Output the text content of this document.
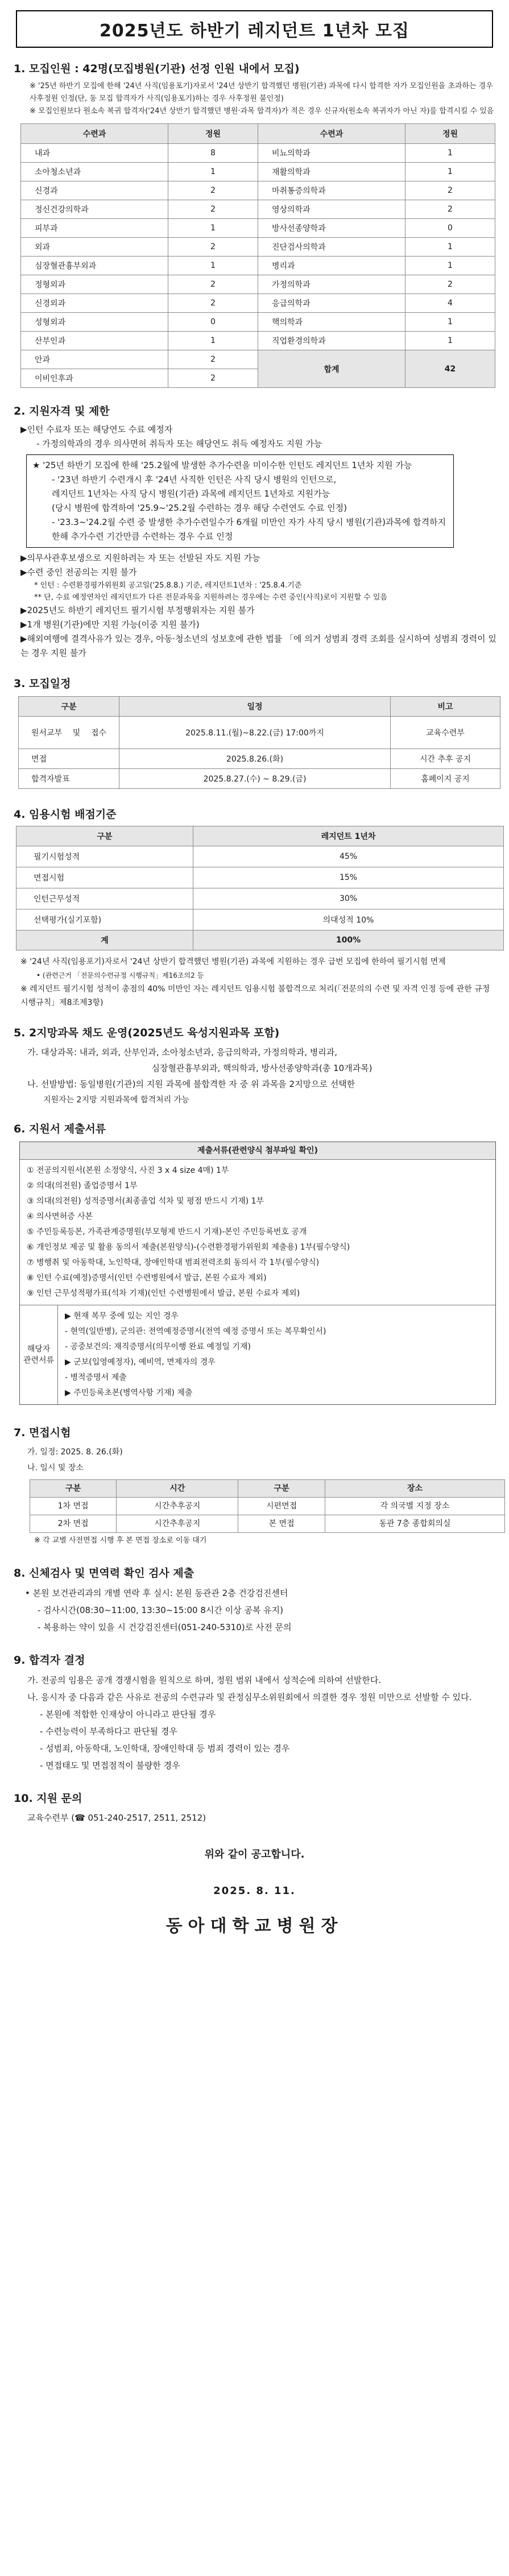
2025년도 하반기 레지던트 1년차 모집
1. 모집인원 : 42명(모집병원(기관) 선정 인원 내에서 모집)

※ '25년 하반기 모집에 한해 '24년 사직(임용포기)자로서 '24년 상반기 합격했던 병원(기관) 과목에 다시 합격한 자가 모집인원을 초과하는 경우 사후정원 인정(단, 동 모집 합격자가 사직(임용포기)하는 경우 사후정원 불인정)

※ 모집인원보다 원소속 복귀 합격자('24년 상반기 합격했던 병원·과목 합격자)가 적은 경우 신규자(원소속 복귀자가 아닌 자)를 합격시킬 수 있음

수련과	정원	수련과	정원
내과	8	비뇨의학과	1
소아청소년과	1	재활의학과	1
신경과	2	마취통증의학과	2
정신건강의학과	2	영상의학과	2
피부과	1	방사선종양학과	0
외과	2	진단검사의학과	1
심장혈관흉부외과	1	병리과	1
정형외과	2	가정의학과	2
신경외과	2	응급의학과	4
성형외과	0	핵의학과	1
산부인과	1	직업환경의학과	1
안과	2	합계	42
이비인후과	2		
2. 지원자격 및 제한

▶인턴 수료자 또는 해당연도 수료 예정자

- 가정의학과의 경우 의사면허 취득자 또는 해당연도 취득 예정자도 지원 가능

★ '25년 하반기 모집에 한해 '25.2월에 발생한 추가수련을 미이수한 인턴도 레지던트 1년차 지원 가능

- '23년 하반기 수련개시 후 '24년 사직한 인턴은 사직 당시 병원의 인턴으로,

레지던트 1년차는 사직 당시 병원(기관) 과목에 레지던트 1년차로 지원가능

(당시 병원에 합격하여 '25.9~'25.2월 수련하는 경우 해당 수련연도 수료 인정)

- '23.3~'24.2월 수련 중 발생한 추가수련일수가 6개월 미만인 자가 사직 당시 병원(기관)과목에 합격하지 한해 추가수련 기간만큼 수련하는 경우 수료 인정

▶의무사관후보생으로 지원하려는 자 또는 선발된 자도 지원 가능

▶수련 중인 전공의는 지원 불가

* 인턴 : 수련환경평가위원회 공고일('25.8.8.) 기준, 레지던트1년차 : '25.8.4.기준

** 단, 수료 예정연차인 레지던트가 다른 전문과목을 지원하려는 경우에는 수련 중인(사직)로이 지원할 수 있음

▶2025년도 하반기 레지던트 필기시험 부정행위자는 지원 불가

▶1개 병원(기관)에만 지원 가능(이중 지원 불가)

▶해외여행에 결격사유가 있는 경우, 아동·청소년의 성보호에 관한 법률 「에 의거 성범죄 경력 조회를 실시하여 성범죄 경력이 있는 경우 지원 불가

3. 모집일정
구분	일정	비고
원서교부 및 접수	2025.8.11.(월)~8.22.(금) 17:00까지	교육수련부
면접	2025.8.26.(화)	시간 추후 공지
합격자발표	2025.8.27.(수) ~ 8.29.(금)	홈페이지 공지
4. 임용시험 배점기준
구분	레지던트 1년차
필기시험성적	45%
면접시험	15%
인턴근무성적	30%
선택평가(실기포함)	의대성적 10%
계	100%

※ '24년 사직(임용포기)자로서 '24년 상반기 합격했던 병원(기관) 과목에 지원하는 경우 급번 모집에 한하여 필기시험 면제

• (관련근거 「전문의수련규정 시행규칙」제16조의2 등

※ 레지던트 필기시험 성적이 총점의 40% 미만인 자는 레지던트 임용시험 불합격으로 처리(「전문의의 수련 및 자격 인정 등에 관한 규정 시행규칙」제8조제3항)

5. 2지망과목 채도 운영(2025년도 육성지원과목 포함)

가. 대상과목: 내과, 외과, 산부인과, 소아청소년과, 응급의학과, 가정의학과, 병리과,

심장혈관흉부외과, 핵의학과, 방사선종양학과(총 10개과목)

나. 선발방법: 동일병원(기관)의 지원 과목에 불합격한 자 중 위 과목을 2지망으로 선택한

지원자는 2지망 지원과목에 합격처리 가능

6. 지원서 제출서류
제출서류(관련양식 첨부파일 확인)

① 전공의지원서(본원 소정양식, 사진 3 x 4 size 4매) 1부

② 의대(의전원) 졸업증명서 1부

③ 의대(의전원) 성적증명서(최종졸업 석차 및 평점 반드시 기재) 1부

④ 의사면허증 사본

⑤ 주민등록등본, 가족관계증명원(부모형제 반드시 기재)-본인 주민등록번호 공개

⑥ 개인정보 제공 및 활용 동의서 제출(본원양식)-(수련환경평가위원회 제출용) 1부(필수양식)

⑦ 병행취 및 아동학대, 노인학대, 장애인학대 범죄전력조회 동의서 각 1부(필수양식)

⑧ 인턴 수료(예정)증명서(인턴 수련병원에서 발급, 본원 수료자 제외)

⑨ 인턴 근무성적평가표(석차 기재)(인턴 수련병원에서 발급, 본원 수료자 제외)

해당자 관련서류

▶ 현재 복무 중에 있는 지인 경우

- 현역(일반병), 군의관: 전역예정증명서(전역 예정 증명서 또는 복무확인서)

- 공중보건의: 재직증명서(의무이행 완료 예정일 기재)

▶ 군보(입영예정자), 예비역, 면제자의 경우

- 병적증명서 제출

▶ 주민등록초본(병역사항 기재) 제출

7. 면접시험

가. 일정: 2025. 8. 26.(화)

나. 일시 및 장소

구분	시간	구분	장소
1차 면접	시간추후공지	시편면접	각 의국별 지정 장소
2차 면접	시간추후공지	본 면접	동관 7층 종합회의실

※ 각 교별 사전면접 시행 후 본 면접 장소로 이동 대기

8. 신체검사 및 면역력 확인 검사 제출

• 본원 보건관리과의 개별 연락 후 실시: 본원 동관관 2층 건강검진센터

- 검사시간(08:30~11:00, 13:30~15:00 8시간 이상 공복 유지)

- 복용하는 약이 있을 시 건강검진센터(051-240-5310)로 사전 문의

9. 합격자 결정

가. 전공의 임용은 공개 경쟁시험을 원칙으로 하며, 정원 범위 내에서 성적순에 의하여 선발한다.

나. 응시자 중 다음과 같은 사유로 전공의 수련규라 및 관정심무소위원회에서 의결한 경우 정원 미만으로 선발할 수 있다.

- 본원에 적합한 인재상이 아니라고 판단될 경우

- 수련능력이 부족하다고 판단될 경우

- 성범죄, 아동학대, 노인학대, 장애인학대 등 범죄 경력이 있는 경우

- 면접태도 및 면접점적이 불량한 경우

10. 지원 문의

교육수련부 (☎ 051-240-2517, 2511, 2512)

위와 같이 공고합니다.
2025. 8. 11.
동아대학교병원장
